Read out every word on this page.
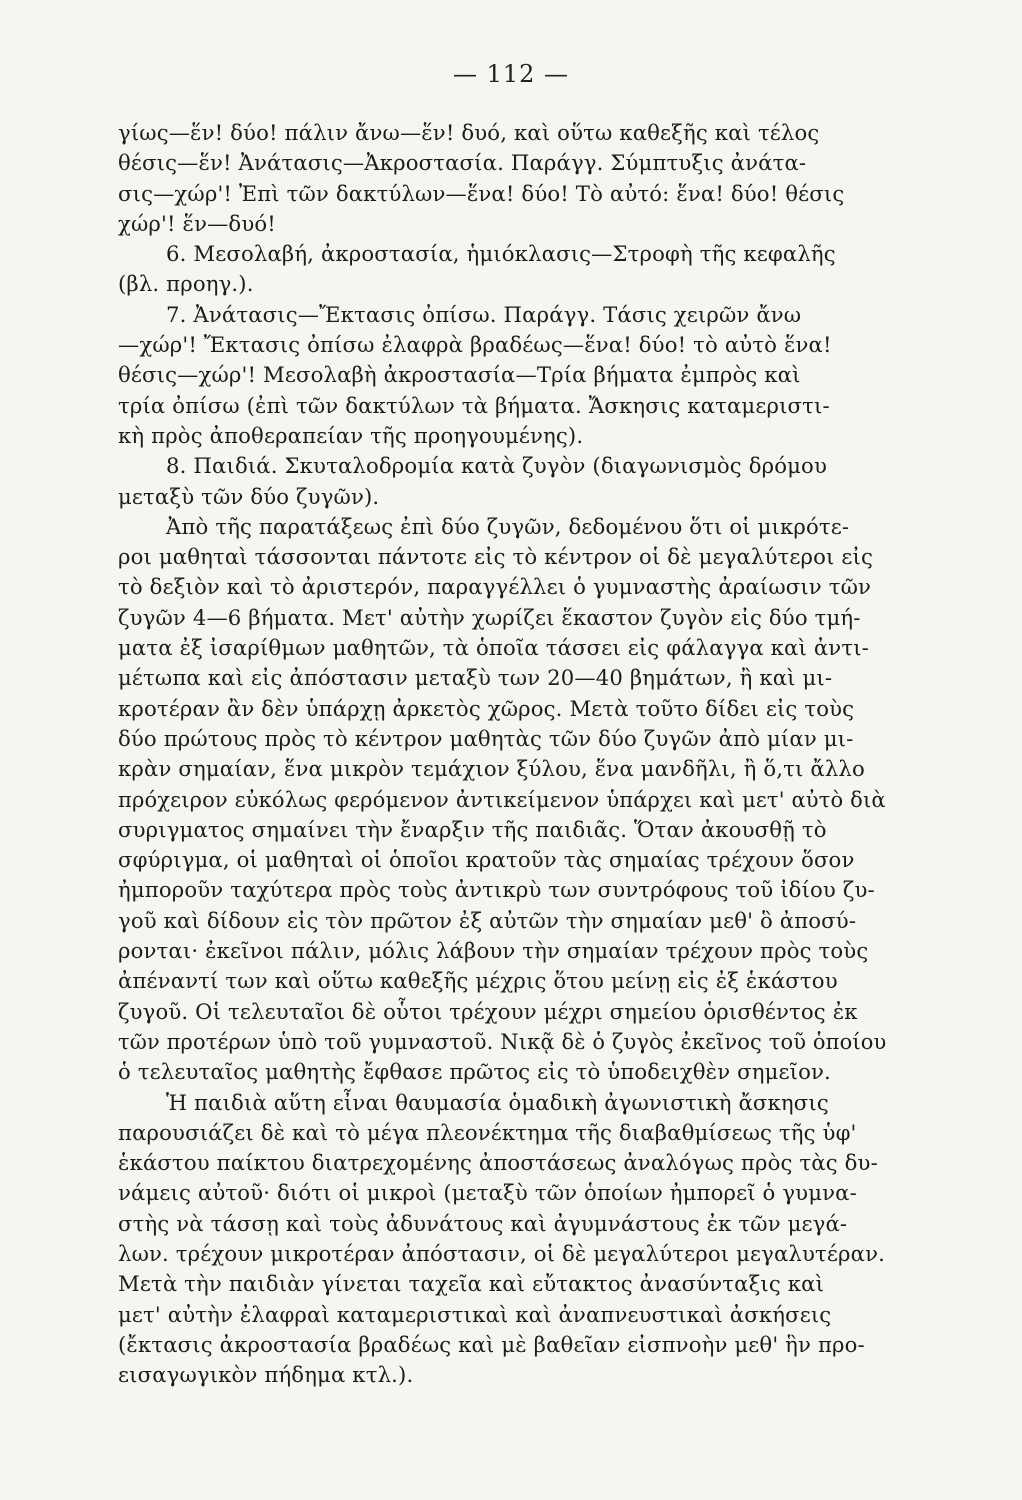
— 112 —
γίως—ἕν! δύο! πάλιν ἄνω—ἕν! δυό, καὶ οὕτω καθεξῆς καὶ τέλος
θέσις—ἕν! Ἀνάτασις—Ἀκροστασία. Παράγγ. Σύμπτυξις ἀνάτα-
σις—χώρ'! Ἐπὶ τῶν δακτύλων—ἕνα! δύο! Τὸ αὐτό: ἕνα! δύο! θέσις
χώρ'! ἕν—δυό!
6. Μεσολαβή, ἀκροστασία, ἡμιόκλασις—Στροφὴ τῆς κεφαλῆς
(βλ. προηγ.).
7. Ἀνάτασις—Ἔκτασις ὀπίσω. Παράγγ. Τάσις χειρῶν ἄνω
—χώρ'! Ἔκτασις ὀπίσω ἐλαφρὰ βραδέως—ἕνα! δύο! τὸ αὐτὸ ἕνα!
θέσις—χώρ'! Μεσολαβὴ ἀκροστασία—Τρία βήματα ἐμπρὸς καὶ
τρία ὀπίσω (ἐπὶ τῶν δακτύλων τὰ βήματα. Ἄσκησις καταμεριστι-
κὴ πρὸς ἀποθεραπείαν τῆς προηγουμένης).
8. Παιδιά. Σκυταλοδρομία κατὰ ζυγὸν (διαγωνισμὸς δρόμου
μεταξὺ τῶν δύο ζυγῶν).
Ἀπὸ τῆς παρατάξεως ἐπὶ δύο ζυγῶν, δεδομένου ὅτι οἱ μικρότε-
ροι μαθηταὶ τάσσονται πάντοτε εἰς τὸ κέντρον οἱ δὲ μεγαλύτεροι εἰς
τὸ δεξιὸν καὶ τὸ ἀριστερόν, παραγγέλλει ὁ γυμναστὴς ἀραίωσιν τῶν
ζυγῶν 4—6 βήματα. Μετ' αὐτὴν χωρίζει ἕκαστον ζυγὸν εἰς δύο τμή-
ματα ἐξ ἰσαρίθμων μαθητῶν, τὰ ὁποῖα τάσσει εἰς φάλαγγα καὶ ἀντι-
μέτωπα καὶ εἰς ἀπόστασιν μεταξὺ των 20—40 βημάτων, ἢ καὶ μι-
κροτέραν ἂν δὲν ὑπάρχῃ ἀρκετὸς χῶρος. Μετὰ τοῦτο δίδει εἰς τοὺς
δύο πρώτους πρὸς τὸ κέντρον μαθητὰς τῶν δύο ζυγῶν ἀπὸ μίαν μι-
κρὰν σημαίαν, ἕνα μικρὸν τεμάχιον ξύλου, ἕνα μανδῆλι, ἢ ὅ,τι ἄλλο
πρόχειρον εὐκόλως φερόμενον ἀντικείμενον ὑπάρχει καὶ μετ' αὐτὸ διὰ
συριγματος σημαίνει τὴν ἔναρξιν τῆς παιδιᾶς. Ὅταν ἀκουσθῇ τὸ
σφύριγμα, οἱ μαθηταὶ οἱ ὁποῖοι κρατοῦν τὰς σημαίας τρέχουν ὅσον
ἠμποροῦν ταχύτερα πρὸς τοὺς ἀντικρὺ των συντρόφους τοῦ ἰδίου ζυ-
γοῦ καὶ δίδουν εἰς τὸν πρῶτον ἐξ αὐτῶν τὴν σημαίαν μεθ' ὃ ἀποσύ-
ρονται· ἐκεῖνοι πάλιν, μόλις λάβουν τὴν σημαίαν τρέχουν πρὸς τοὺς
ἀπέναντί των καὶ οὕτω καθεξῆς μέχρις ὅτου μείνῃ εἰς ἐξ ἑκάστου
ζυγοῦ. Οἱ τελευταῖοι δὲ οὗτοι τρέχουν μέχρι σημείου ὁρισθέντος ἐκ
τῶν προτέρων ὑπὸ τοῦ γυμναστοῦ. Νικᾷ δὲ ὁ ζυγὸς ἐκεῖνος τοῦ ὁποίου
ὁ τελευταῖος μαθητὴς ἔφθασε πρῶτος εἰς τὸ ὑποδειχθὲν σημεῖον.
Ἡ παιδιὰ αὕτη εἶναι θαυμασία ὁμαδικὴ ἀγωνιστικὴ ἄσκησις
παρουσιάζει δὲ καὶ τὸ μέγα πλεονέκτημα τῆς διαβαθμίσεως τῆς ὑφ'
ἑκάστου παίκτου διατρεχομένης ἀποστάσεως ἀναλόγως πρὸς τὰς δυ-
νάμεις αὐτοῦ· διότι οἱ μικροὶ (μεταξὺ τῶν ὁποίων ἠμπορεῖ ὁ γυμνα-
στὴς νὰ τάσσῃ καὶ τοὺς ἀδυνάτους καὶ ἀγυμνάστους ἐκ τῶν μεγά-
λων. τρέχουν μικροτέραν ἀπόστασιν, οἱ δὲ μεγαλύτεροι μεγαλυτέραν.
Μετὰ τὴν παιδιὰν γίνεται ταχεῖα καὶ εὔτακτος ἀνασύνταξις καὶ
μετ' αὐτὴν ἐλαφραὶ καταμεριστικαὶ καὶ ἀναπνευστικαὶ ἀσκήσεις
(ἔκτασις ἀκροστασία βραδέως καὶ μὲ βαθεῖαν εἰσπνοὴν μεθ' ἣν προ-
εισαγωγικὸν πήδημα κτλ.).
